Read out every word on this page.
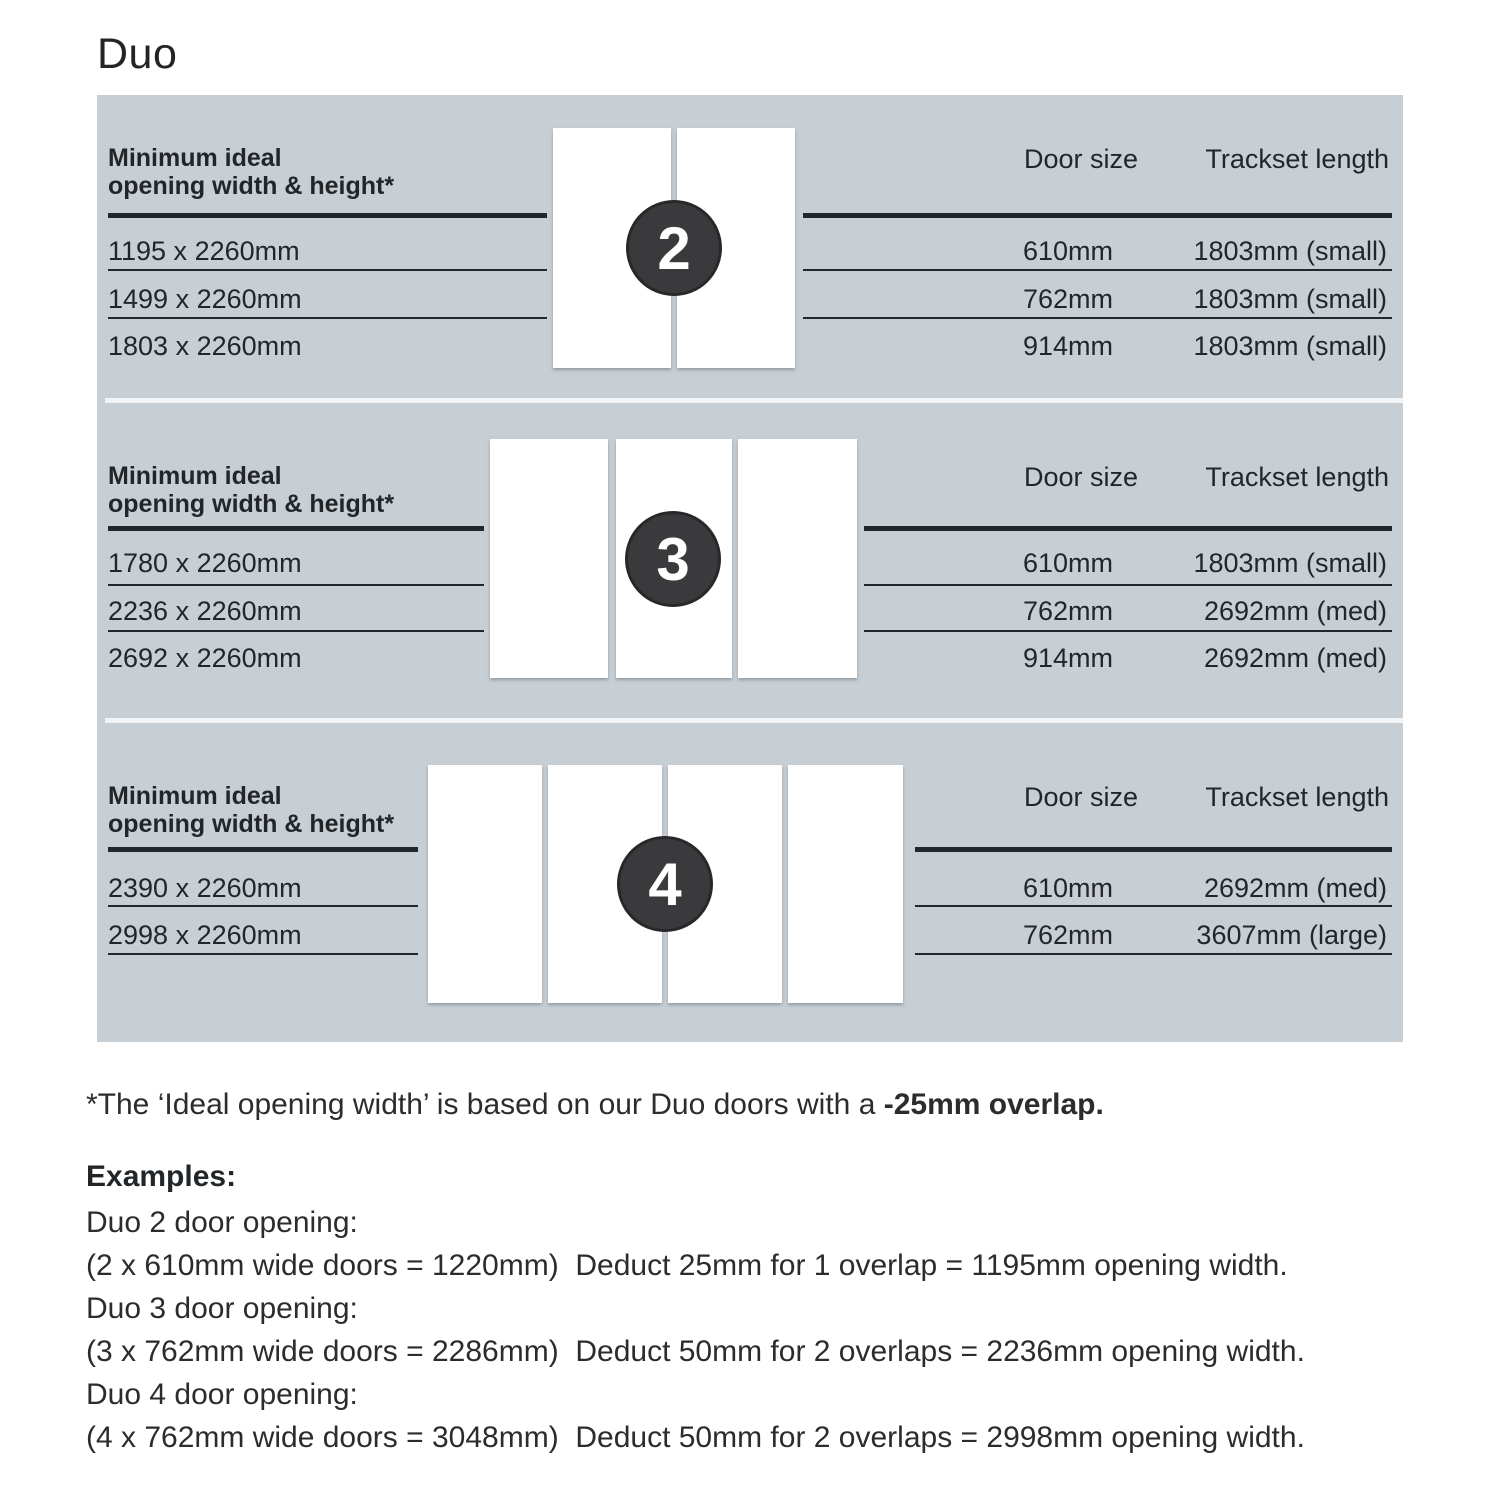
Duo
Minimum ideal
opening width & height*
Door size Trackset length
1195 x 2260mm	610mm	1803mm (small)
1499 x 2260mm	762mm	1803mm (small)
1803 x 2260mm	914mm	1803mm (small)
2
Minimum ideal
opening width & height*
Door size Trackset length
1780 x 2260mm	610mm	1803mm (small)
2236 x 2260mm	762mm	2692mm (med)
2692 x 2260mm	914mm	2692mm (med)
3
Minimum ideal
opening width & height*
Door size Trackset length
2390 x 2260mm	610mm	2692mm (med)
2998 x 2260mm	762mm	3607mm (large)
4
*The ‘Ideal opening width’ is based on our Duo doors with a -25mm overlap.
Examples:
Duo 2 door opening:
(2 x 610mm wide doors = 1220mm)  Deduct 25mm for 1 overlap = 1195mm opening width.
Duo 3 door opening:
(3 x 762mm wide doors = 2286mm)  Deduct 50mm for 2 overlaps = 2236mm opening width.
Duo 4 door opening:
(4 x 762mm wide doors = 3048mm)  Deduct 50mm for 2 overlaps = 2998mm opening width.
